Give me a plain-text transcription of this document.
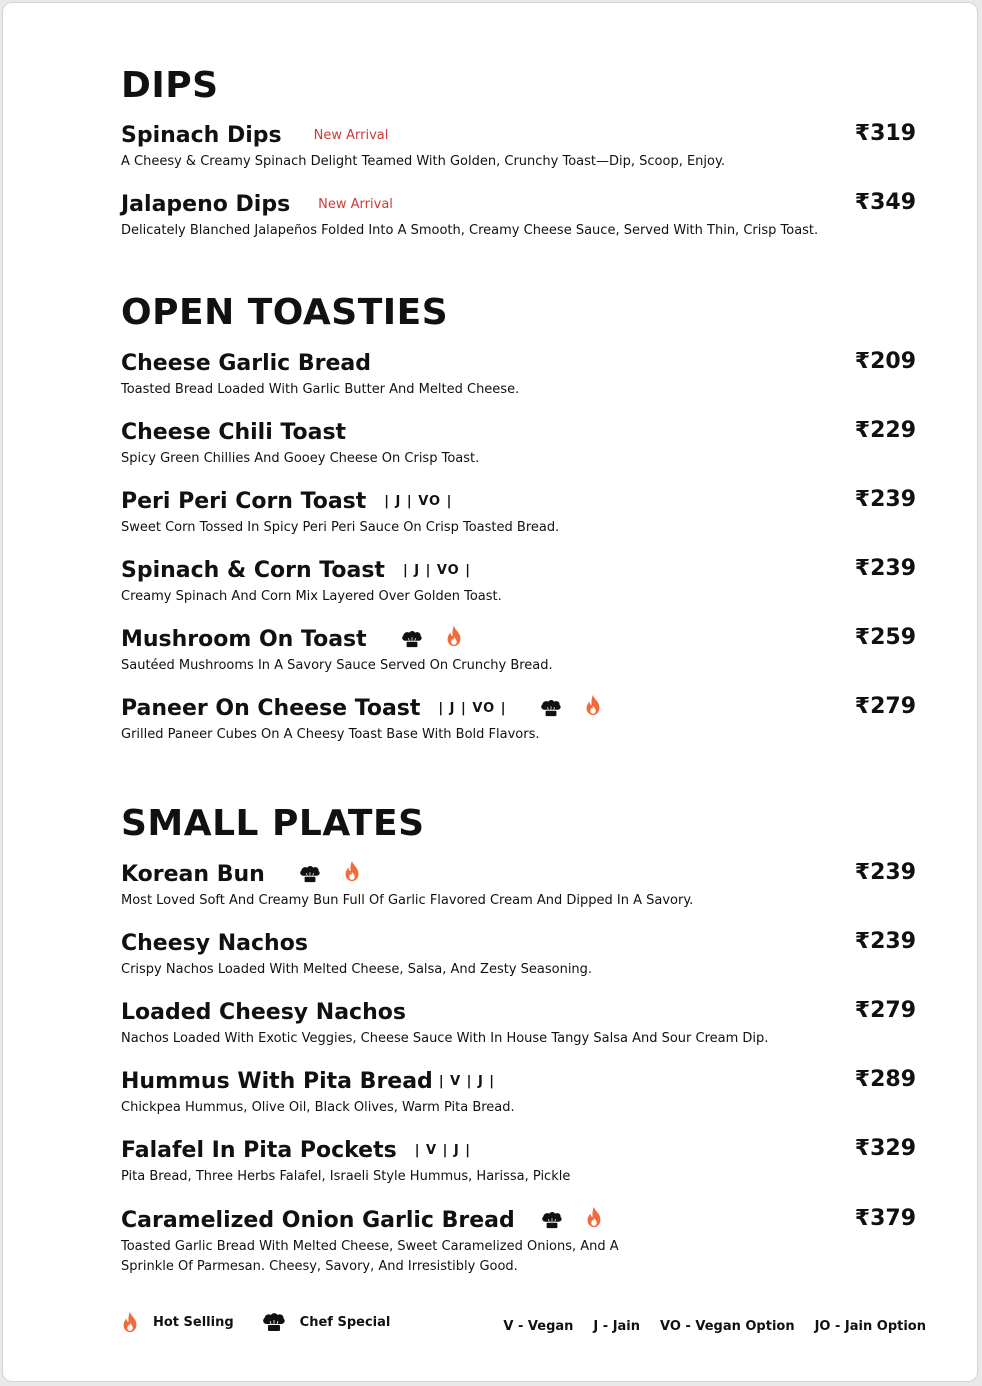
DIPS
Spinach Dips New Arrival	₹319
A Cheesy & Creamy Spinach Delight Teamed With Golden, Crunchy Toast—Dip, Scoop, Enjoy.
Jalapeno Dips New Arrival	₹349
Delicately Blanched Jalapeños Folded Into A Smooth, Creamy Cheese Sauce, Served With Thin, Crisp Toast.
OPEN TOASTIES
Cheese Garlic Bread	₹209
Toasted Bread Loaded With Garlic Butter And Melted Cheese.
Cheese Chili Toast	₹229
Spicy Green Chillies And Gooey Cheese On Crisp Toast.
Peri Peri Corn Toast | J | VO |	₹239
Sweet Corn Tossed In Spicy Peri Peri Sauce On Crisp Toasted Bread.
Spinach & Corn Toast | J | VO |	₹239
Creamy Spinach And Corn Mix Layered Over Golden Toast.
Mushroom On Toast	₹259
Sautéed Mushrooms In A Savory Sauce Served On Crunchy Bread.
Paneer On Cheese Toast | J | VO |	₹279
Grilled Paneer Cubes On A Cheesy Toast Base With Bold Flavors.
SMALL PLATES
Korean Bun	₹239
Most Loved Soft And Creamy Bun Full Of Garlic Flavored Cream And Dipped In A Savory.
Cheesy Nachos	₹239
Crispy Nachos Loaded With Melted Cheese, Salsa, And Zesty Seasoning.
Loaded Cheesy Nachos	₹279
Nachos Loaded With Exotic Veggies, Cheese Sauce With In House Tangy Salsa And Sour Cream Dip.
Hummus With Pita Bread | V | J |	₹289
Chickpea Hummus, Olive Oil, Black Olives, Warm Pita Bread.
Falafel In Pita Pockets | V | J |	₹329
Pita Bread, Three Herbs Falafel, Israeli Style Hummus, Harissa, Pickle
Caramelized Onion Garlic Bread	₹379
Toasted Garlic Bread With Melted Cheese, Sweet Caramelized Onions, And A
Sprinkle Of Parmesan. Cheesy, Savory, And Irresistibly Good.
Hot Selling	Chef Special	V - Vegan J - Jain VO - Vegan Option JO - Jain Option
